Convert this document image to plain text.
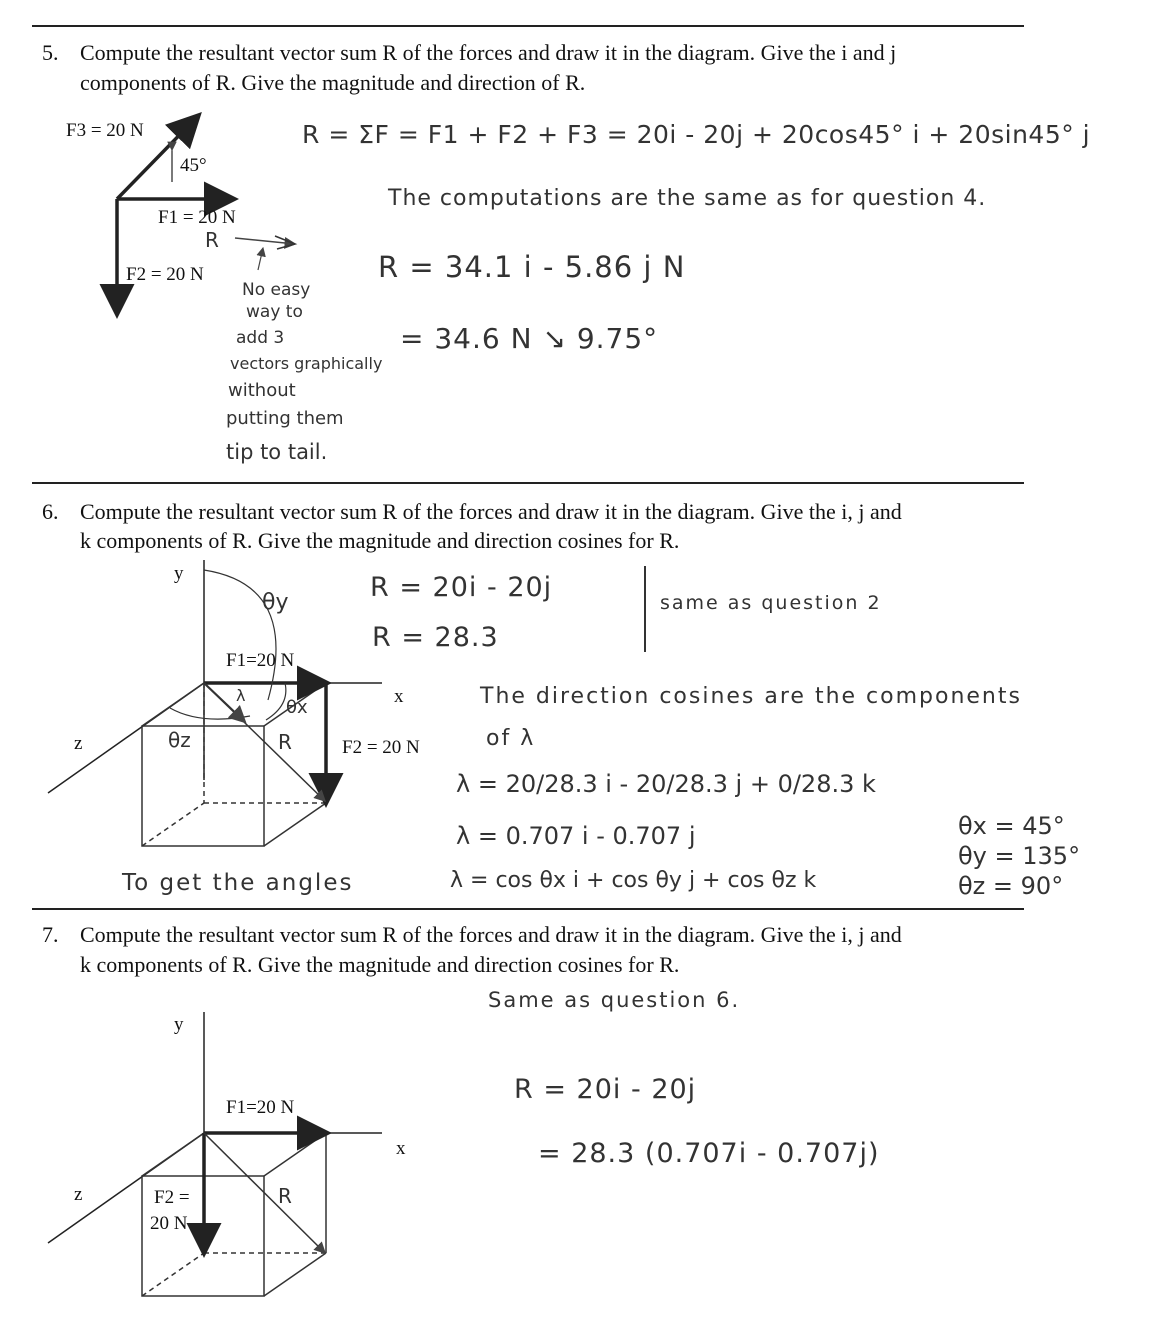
5. Compute the resultant vector sum R of the forces and draw it in the diagram. Give the i and j
components of R. Give the magnitude and direction of R.
F3 = 20 N
45°
F1 = 20 N
R
F2 = 20 N
No easy
way to
add 3
vectors graphically
without
putting them
tip to tail.
R = ΣF = F1 + F2 + F3 = 20i - 20j + 20cos45° i + 20sin45° j
The computations are the same as for question 4.
R = 34.1 i - 5.86 j N
= 34.6 N ↘ 9.75°
6. Compute the resultant vector sum R of the forces and draw it in the diagram. Give the i, j and
k components of R. Give the magnitude and direction cosines for R.
y
x
z
F1=20 N
F2 = 20 N
R
θy
θx
θz
λ
R = 20i - 20j
R = 28.3
same as question 2
The direction cosines are the components
of λ
λ = 20/28.3 i - 20/28.3 j + 0/28.3 k
λ = 0.707 i - 0.707 j
To get the angles	λ = cos θx i + cos θy j + cos θz k
θx = 45°
θy = 135°
θz = 90°
7. Compute the resultant vector sum R of the forces and draw it in the diagram. Give the i, j and
k components of R. Give the magnitude and direction cosines for R.
y
x
z
F1=20 N
F2 =
20 N
R
Same as question 6.
R = 20i - 20j
= 28.3 (0.707i - 0.707j)
